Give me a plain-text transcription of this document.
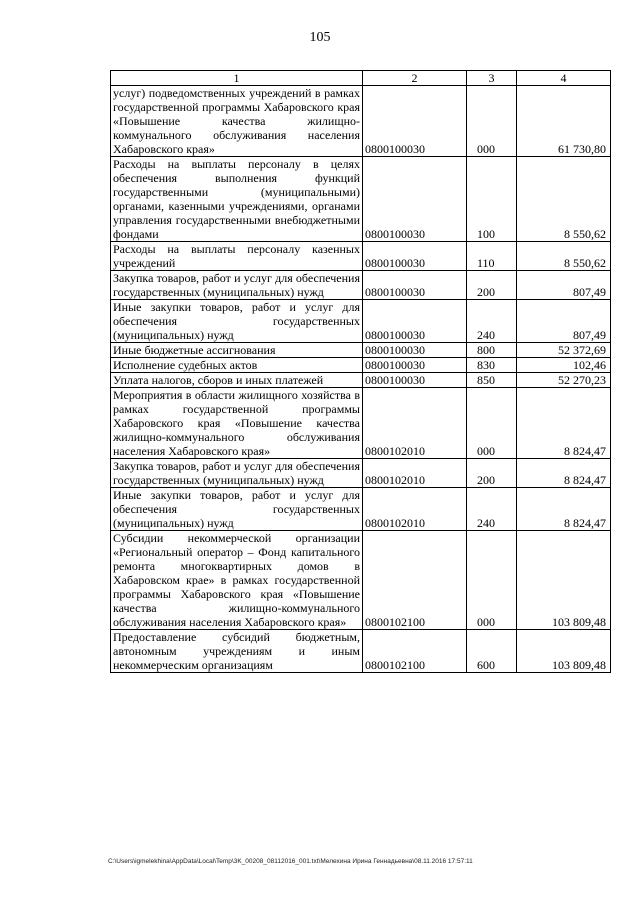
105
1	2	3	4
услуг) подведомственных учреждений в рамках государственной программы Хабаровского края «Повышение качества жилищно-коммунального обслуживания населения Хабаровского края»	0800100030	000	61 730,80
Расходы на выплаты персоналу в целях обеспечения выполнения функций государственными (муниципальными) органами, казенными учреждениями, органами управления государственными внебюджетными фондами	0800100030	100	8 550,62
Расходы на выплаты персоналу казенных учреждений	0800100030	110	8 550,62
Закупка товаров, работ и услуг для обеспечения государственных (муниципальных) нужд	0800100030	200	807,49
Иные закупки товаров, работ и услуг для обеспечения государственных (муниципальных) нужд	0800100030	240	807,49
Иные бюджетные ассигнования	0800100030	800	52 372,69
Исполнение судебных актов	0800100030	830	102,46
Уплата налогов, сборов и иных платежей	0800100030	850	52 270,23
Мероприятия в области жилищного хозяйства в рамках государственной программы Хабаровского края «Повышение качества жилищно-коммунального обслуживания населения Хабаровского края»	0800102010	000	8 824,47
Закупка товаров, работ и услуг для обеспечения государственных (муниципальных) нужд	0800102010	200	8 824,47
Иные закупки товаров, работ и услуг для обеспечения государственных (муниципальных) нужд	0800102010	240	8 824,47
Субсидии некоммерческой организации «Региональный оператор – Фонд капитального ремонта многоквартирных домов в Хабаровском крае» в рамках государственной программы Хабаровского края «Повышение качества жилищно-коммунального обслуживания населения Хабаровского края»	0800102100	000	103 809,48
Предоставление субсидий бюджетным, автономным учреждениям и иным некоммерческим организациям	0800102100	600	103 809,48
C:\Users\igmelekhina\AppData\Local\Temp\3K_00208_08112016_001.txt\Мелехина Ирина Геннадьевна\08.11.2016 17:57:11
